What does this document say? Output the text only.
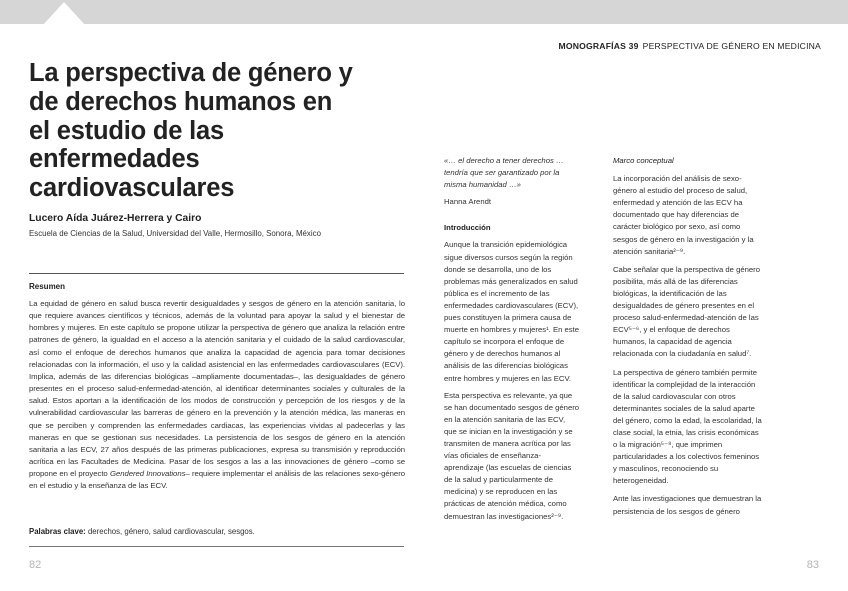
MONOGRAFÍAS 39 PERSPECTIVA DE GÉNERO EN MEDICINA
La perspectiva de género y de derechos humanos en el estudio de las enfermedades cardiovasculares
Lucero Aída Juárez-Herrera y Cairo
Escuela de Ciencias de la Salud, Universidad del Valle, Hermosillo, Sonora, México
Resumen

La equidad de género en salud busca revertir desigualdades y sesgos de género en la atención sanitaria, lo que requiere avances científicos y técnicos, además de la voluntad para apoyar la salud y el bienestar de hombres y mujeres. En este capítulo se propone utilizar la perspectiva de género que analiza la relación entre patrones de género, la igualdad en el acceso a la atención sanitaria y el cuidado de la salud cardiovascular, así como el enfoque de derechos humanos que analiza la capacidad de agencia para tomar decisiones relacionadas con la información, el uso y la calidad asistencial en las enfermedades cardiovasculares (ECV). Implica, además de las diferencias biológicas –ampliamente documentadas–, las desigualdades de género presentes en el proceso salud-enfermedad-atención, al identificar determinantes sociales y culturales de la salud. Estos aportan a la identificación de los modos de construcción y percepción de los riesgos y de la vulnerabilidad cardiovascular las barreras de género en la prevención y la atención médica, las maneras en que se perciben y comprenden las enfermedades cardiacas, las experiencias vividas al padecerlas y las maneras en que se gestionan sus necesidades. La persistencia de los sesgos de género en la atención sanitaria a las ECV, 27 años después de las primeras publicaciones, expresa su transmisión y reproducción acrítica en las Facultades de Medicina. Pasar de los sesgos a las a las innovaciones de género –como se propone en el proyecto Gendered Innovations– requiere implementar el análisis de las relaciones sexo-género en el estudio y la enseñanza de las ECV.

Palabras clave: derechos, género, salud cardiovascular, sesgos.

«… el derecho a tener derechos … tendría que ser garantizado por la misma humanidad …»

Hanna Arendt

Introducción

Aunque la transición epidemiológica sigue diversos cursos según la región donde se desarrolla, uno de los problemas más generalizados en salud pública es el incremento de las enfermedades cardiovasculares (ECV), pues constituyen la primera causa de muerte en hombres y mujeres¹. En este capítulo se incorpora el enfoque de género y de derechos humanos al análisis de las diferencias biológicas entre hombres y mujeres en las ECV.

Esta perspectiva es relevante, ya que se han documentado sesgos de género en la atención sanitaria de las ECV, que se inician en la investigación y se transmiten de manera acrítica por las vías oficiales de enseñanza-aprendizaje (las escuelas de ciencias de la salud y particularmente de medicina) y se reproducen en las prácticas de atención médica, como demuestran las investigaciones²⁻⁹.

Marco conceptual

La incorporación del análisis de sexo-género al estudio del proceso de salud, enfermedad y atención de las ECV ha documentado que hay diferencias de carácter biológico por sexo, así como sesgos de género en la investigación y la atención sanitaria²⁻⁹.

Cabe señalar que la perspectiva de género posibilita, más allá de las diferencias biológicas, la identificación de las desigualdades de género presentes en el proceso salud-enfermedad-atención de las ECV⁵⁻⁶, y el enfoque de derechos humanos, la capacidad de agencia relacionada con la ciudadanía en salud⁷.

La perspectiva de género también permite identificar la complejidad de la interacción de la salud cardiovascular con otros determinantes sociales de la salud aparte del género, como la edad, la escolaridad, la clase social, la etnia, las crisis económicas o la migración⁵⁻⁸, que imprimen particularidades a los colectivos femeninos y masculinos, reconociendo su heterogeneidad.

Ante las investigaciones que demuestran la persistencia de los sesgos de género

82	83
